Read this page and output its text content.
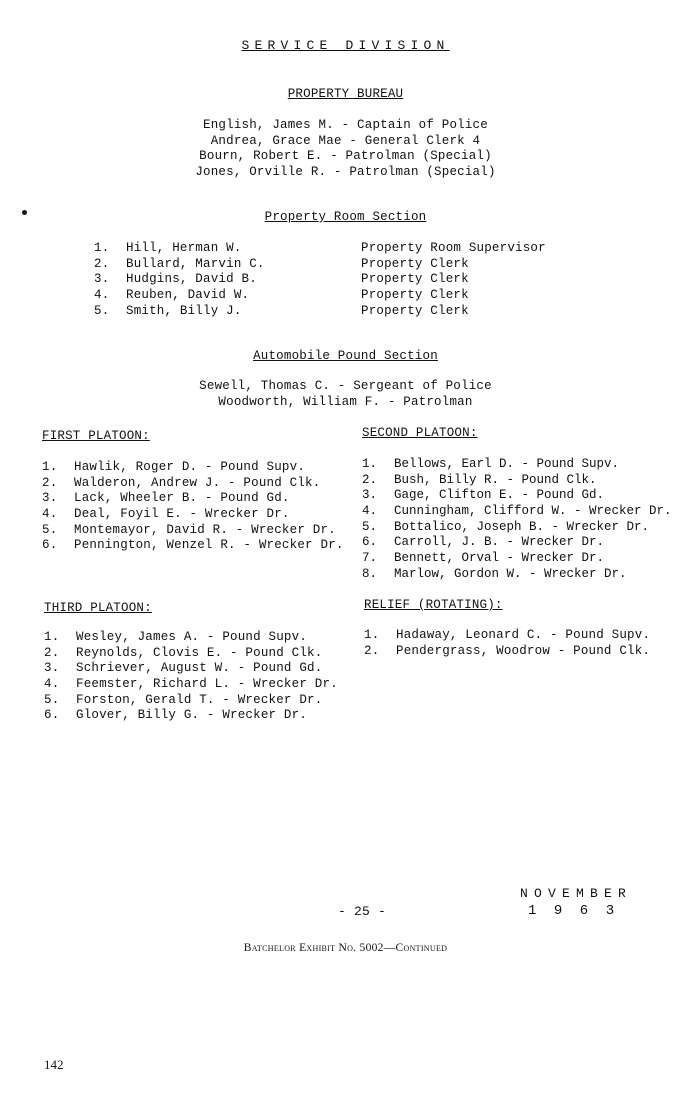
SERVICE DIVISION
PROPERTY BUREAU
English, James M. - Captain of Police
Andrea, Grace Mae - General Clerk 4
Bourn, Robert E. - Patrolman (Special)
Jones, Orville R. - Patrolman (Special)
Property Room Section
1. Hill, Herman W.
2. Bullard, Marvin C.
3. Hudgins, David B.
4. Reuben, David W.
5. Smith, Billy J.
Property Room Supervisor
Property Clerk
Property Clerk
Property Clerk
Property Clerk
Automobile Pound Section
Sewell, Thomas C. - Sergeant of Police
Woodworth, William F. - Patrolman
FIRST PLATOON:
1. Hawlik, Roger D. - Pound Supv.
2. Walderon, Andrew J. - Pound Clk.
3. Lack, Wheeler B. - Pound Gd.
4. Deal, Foyil E. - Wrecker Dr.
5. Montemayor, David R. - Wrecker Dr.
6. Pennington, Wenzel R. - Wrecker Dr.
SECOND PLATOON:
1. Bellows, Earl D. - Pound Supv.
2. Bush, Billy R. - Pound Clk.
3. Gage, Clifton E. - Pound Gd.
4. Cunningham, Clifford W. - Wrecker Dr.
5. Bottalico, Joseph B. - Wrecker Dr.
6. Carroll, J. B. - Wrecker Dr.
7. Bennett, Orval - Wrecker Dr.
8. Marlow, Gordon W. - Wrecker Dr.
THIRD PLATOON:
1. Wesley, James A. - Pound Supv.
2. Reynolds, Clovis E. - Pound Clk.
3. Schriever, August W. - Pound Gd.
4. Feemster, Richard L. - Wrecker Dr.
5. Forston, Gerald T. - Wrecker Dr.
6. Glover, Billy G. - Wrecker Dr.
RELIEF (ROTATING):
1. Hadaway, Leonard C. - Pound Supv.
2. Pendergrass, Woodrow - Pound Clk.
NOVEMBER
1963
- 25 -
Batchelor Exhibit No. 5002—Continued
142
